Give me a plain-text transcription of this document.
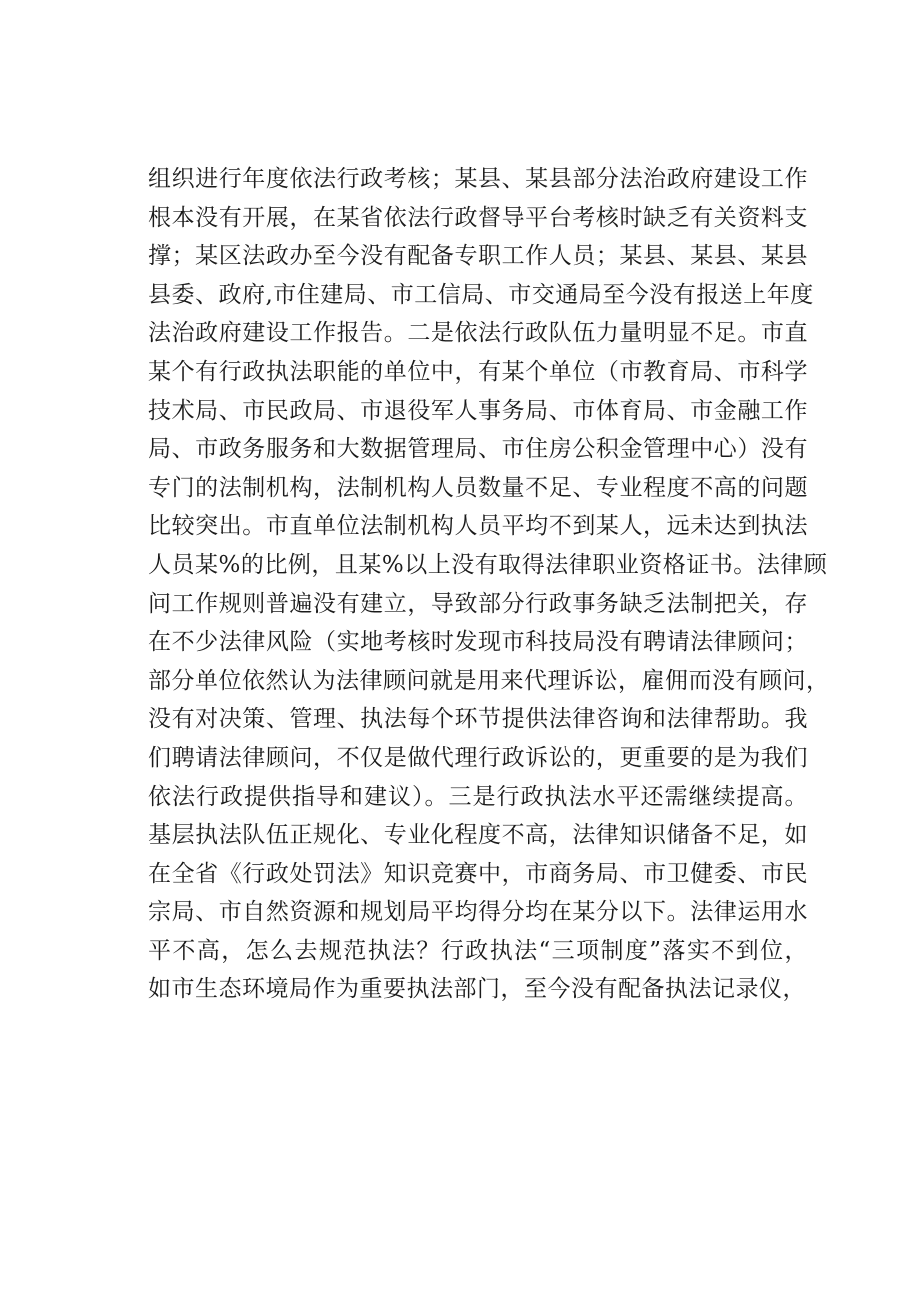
组织进行年度依法行政考核；某县、某县部分法治政府建设工作
根本没有开展，在某省依法行政督导平台考核时缺乏有关资料支
撑；某区法政办至今没有配备专职工作人员；某县、某县、某县
县委、政府,市住建局、市工信局、市交通局至今没有报送上年度
法治政府建设工作报告。二是依法行政队伍力量明显不足。市直
某个有行政执法职能的单位中，有某个单位（市教育局、市科学
技术局、市民政局、市退役军人事务局、市体育局、市金融工作
局、市政务服务和大数据管理局、市住房公积金管理中心）没有
专门的法制机构，法制机构人员数量不足、专业程度不高的问题
比较突出。市直单位法制机构人员平均不到某人，远未达到执法
人员某%的比例，且某%以上没有取得法律职业资格证书。法律顾
问工作规则普遍没有建立，导致部分行政事务缺乏法制把关，存
在不少法律风险（实地考核时发现市科技局没有聘请法律顾问；
部分单位依然认为法律顾问就是用来代理诉讼，雇佣而没有顾问，
没有对决策、管理、执法每个环节提供法律咨询和法律帮助。我
们聘请法律顾问，不仅是做代理行政诉讼的，更重要的是为我们
依法行政提供指导和建议）。三是行政执法水平还需继续提高。
基层执法队伍正规化、专业化程度不高，法律知识储备不足，如
在全省《行政处罚法》知识竞赛中，市商务局、市卫健委、市民
宗局、市自然资源和规划局平均得分均在某分以下。法律运用水
平不高，怎么去规范执法？行政执法“三项制度”落实不到位，
如市生态环境局作为重要执法部门，至今没有配备执法记录仪，
